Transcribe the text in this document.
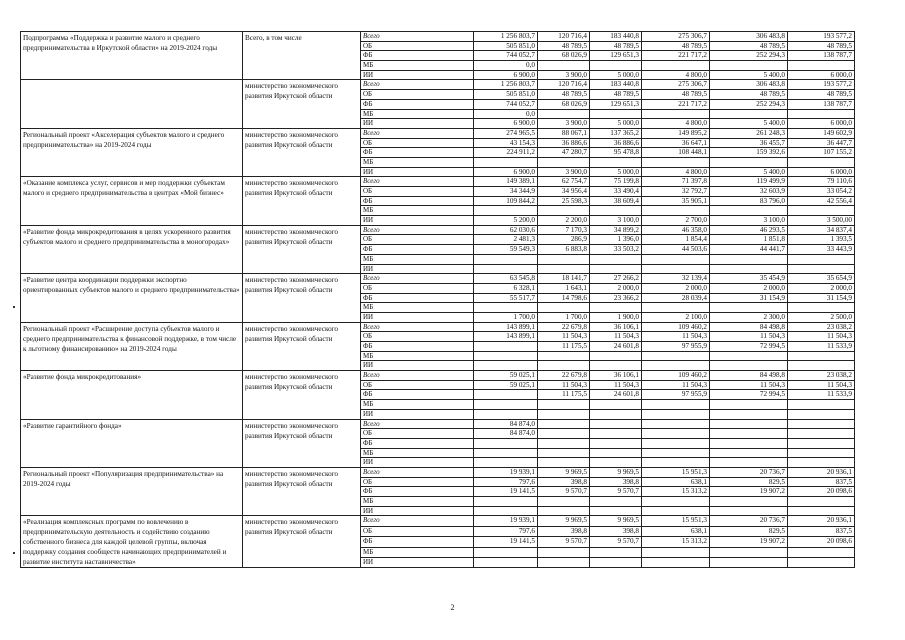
Подпрограмма «Поддержка и развитие малого и среднего предпринимательства в Иркутской области» на 2019-2024 годы	Всего, в том числе	Всего	1 256 803,7	120 716,4	183 440,8	275 306,7	306 483,8	193 577,2
		ОБ	505 851,0	48 789,5	48 789,5	48 789,5	48 789,5	48 789,5
		ФБ	744 052,7	68 026,9	129 651,3	221 717,2	252 294,3	138 787,7
		МБ	0,0					
		ИИ	6 900,0	3 900,0	5 000,0	4 800,0	5 400,0	6 000,0
	министерство экономического развития Иркутской области	Всего	1 256 803,7	120 716,4	183 440,8	275 306,7	306 483,8	193 577,2
		ОБ	505 851,0	48 789,5	48 789,5	48 789,5	48 789,5	48 789,5
		ФБ	744 052,7	68 026,9	129 651,3	221 717,2	252 294,3	138 787,7
		МБ	0,0					
		ИИ	6 900,0	3 900,0	5 000,0	4 800,0	5 400,0	6 000,0
Региональный проект «Акселерация субъектов малого и среднего предпринимательства» на 2019-2024 годы	министерство экономического развития Иркутской области	Всего	274 965,5	88 067,1	137 365,2	149 895,2	261 248,3	149 602,9
		ОБ	43 154,3	36 886,6	36 886,6	36 647,1	36 455,7	36 447,7
		ФБ	224 911,2	47 280,7	95 478,8	108 448,1	159 392,6	107 155,2
		МБ						
		ИИ	6 900,0	3 900,0	5 000,0	4 800,0	5 400,0	6 000,0
«Оказание комплекса услуг, сервисов и мер поддержки субъектам малого и среднего предпринимательства в центрах «Мой бизнес»	министерство экономического развития Иркутской области	Всего	149 389,1	62 754,7	75 199,8	71 397,8	119 499,9	79 110,6
		ОБ	34 344,9	34 956,4	33 490,4	32 792,7	32 603,9	33 054,2
		ФБ	109 844,2	25 598,3	38 609,4	35 905,1	83 796,0	42 556,4
		МБ						
		ИИ	5 200,0	2 200,0	3 100,0	2 700,0	3 100,0	3 500,00
«Развитие фонда микрокредитования в целях ускоренного развития субъектов малого и среднего предпринимательства в моногородах»	министерство экономического развития Иркутской области	Всего	62 030,6	7 170,3	34 899,2	46 358,0	46 293,5	34 837,4
		ОБ	2 481,3	286,9	1 396,0	1 854,4	1 851,8	1 393,5
		ФБ	59 549,3	6 883,8	33 503,2	44 503,6	44 441,7	33 443,9
		МБ						
		ИИ						
«Развитие центра координации поддержки экспортно ориентированных субъектов малого и среднего предпринимательства»	министерство экономического развития Иркутской области	Всего	63 545,8	18 141,7	27 266,2	32 139,4	35 454,9	35 654,9
		ОБ	6 328,1	1 643,1	2 000,0	2 000,0	2 000,0	2 000,0
		ФБ	55 517,7	14 798,6	23 366,2	28 039,4	31 154,9	31 154,9
		МБ						
		ИИ	1 700,0	1 700,0	1 900,0	2 100,0	2 300,0	2 500,0
Региональный проект «Расширение доступа субъектов малого и среднего предпринимательства к финансовой поддержке, в том числе к льготному финансированию» на 2019-2024 годы	министерство экономического развития Иркутской области	Всего	143 899,1	22 679,8	36 106,1	109 460,2	84 498,8	23 038,2
		ОБ	143 899,1	11 504,3	11 504,3	11 504,3	11 504,3	11 504,3
		ФБ		11 175,5	24 601,8	97 955,9	72 994,5	11 533,9
		МБ						
		ИИ						
«Развитие фонда микрокредитования»	министерство экономического развития Иркутской области	Всего	59 025,1	22 679,8	36 106,1	109 460,2	84 498,8	23 038,2
		ОБ	59 025,1	11 504,3	11 504,3	11 504,3	11 504,3	11 504,3
		ФБ		11 175,5	24 601,8	97 955,9	72 994,5	11 533,9
		МБ						
		ИИ						
«Развитие гарантийного фонда»	министерство экономического развития Иркутской области	Всего	84 874,0					
		ОБ	84 874,0					
		ФБ						
		МБ						
		ИИ						
Региональный проект «Популяризация предпринимательства» на 2019-2024 годы	министерство экономического развития Иркутской области	Всего	19 939,1	9 969,5	9 969,5	15 951,3	20 736,7	20 936,1
		ОБ	797,6	398,8	398,8	638,1	829,5	837,5
		ФБ	19 141,5	9 570,7	9 570,7	15 313,2	19 907,2	20 098,6
		МБ						
		ИИ						
«Реализация комплексных программ по вовлечению в предпринимательскую деятельность и содействию созданию собственного бизнеса для каждой целевой группы, включая поддержку создания сообществ начинающих предпринимателей и развитие института наставничества»	министерство экономического развития Иркутской области	Всего	19 939,1	9 969,5	9 969,5	15 951,3	20 736,7	20 936,1
		ОБ	797,6	398,8	398,8	638,1	829,5	837,5
		ФБ	19 141,5	9 570,7	9 570,7	15 313,2	19 907,2	20 098,6
		МБ						
		ИИ						
2
